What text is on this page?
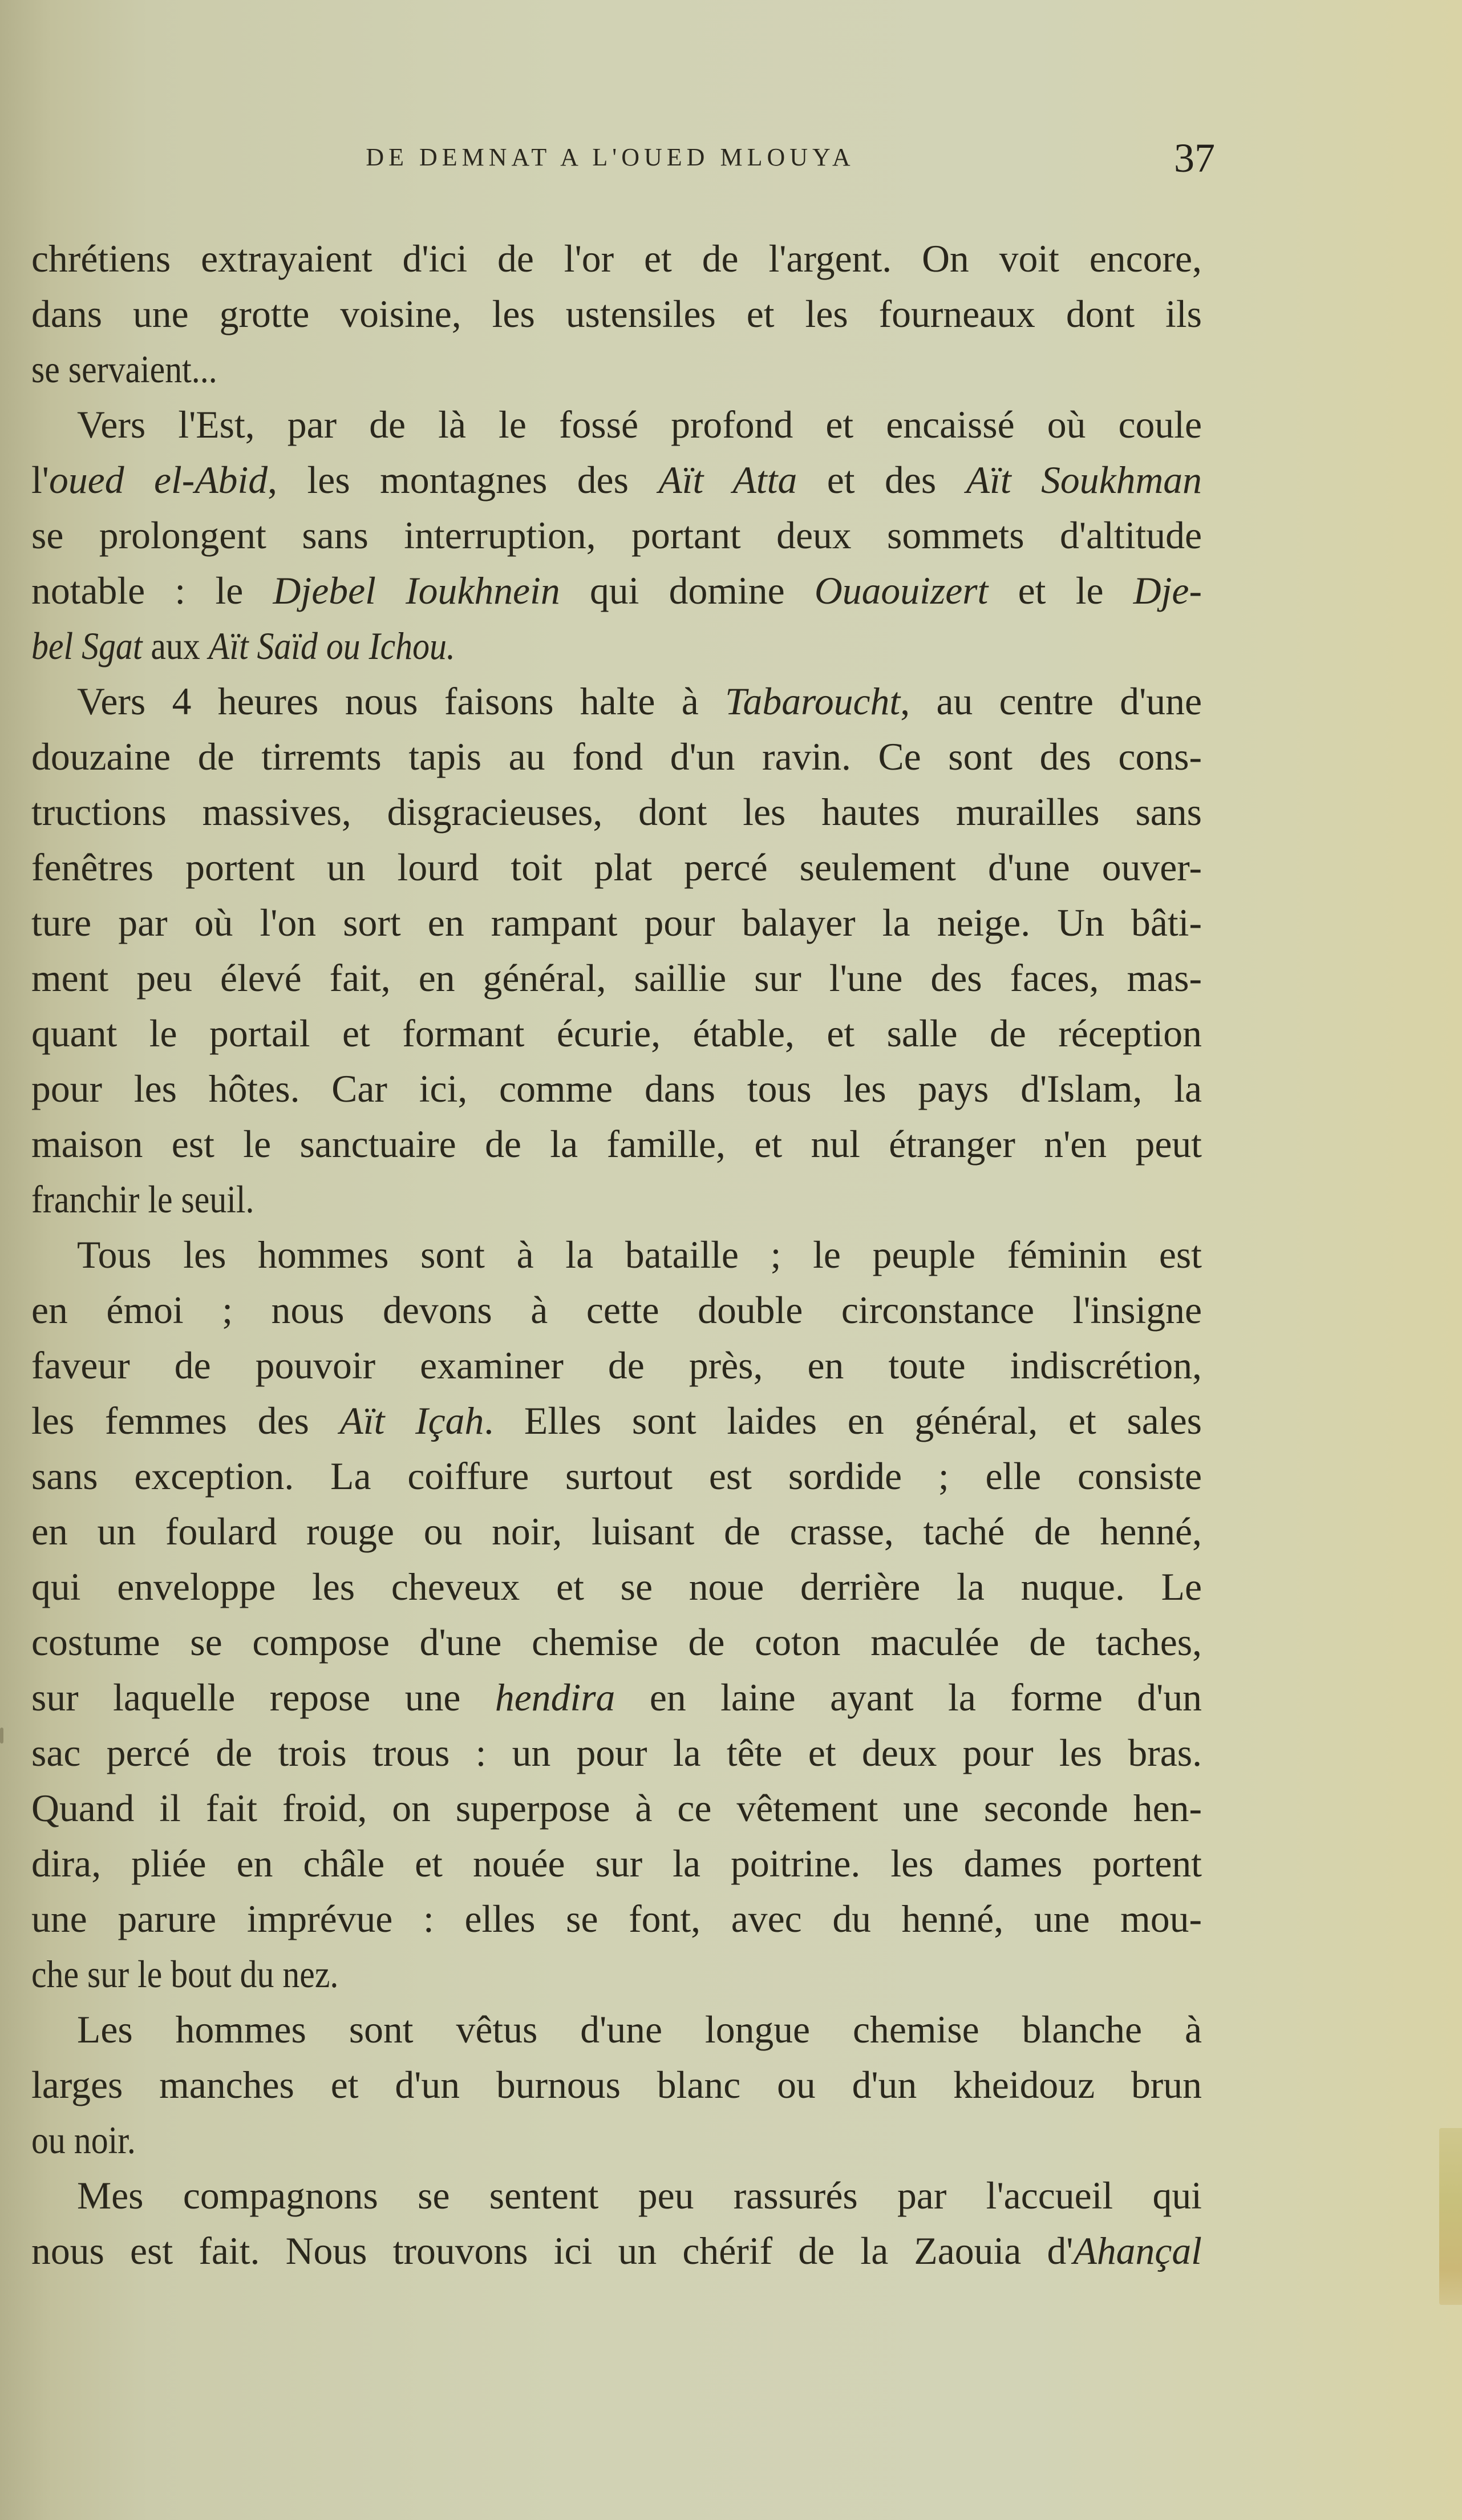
DE DEMNAT A L'OUED MLOUYA	37
chrétiens extrayaient d'ici de l'or et de l'argent. On voit encore,
dans une grotte voisine, les ustensiles et les fourneaux dont ils
se servaient...
Vers l'Est, par de là le fossé profond et encaissé où coule
l'oued el-Abid, les montagnes des Aït Atta et des Aït Soukhman
se prolongent sans interruption, portant deux sommets d'altitude
notable : le Djebel Ioukhnein qui domine Ouaouizert et le Dje-
bel Sgat aux Aït Saïd ou Ichou.
Vers 4 heures nous faisons halte à Tabaroucht, au centre d'une
douzaine de tirremts tapis au fond d'un ravin. Ce sont des cons-
tructions massives, disgracieuses, dont les hautes murailles sans
fenêtres portent un lourd toit plat percé seulement d'une ouver-
ture par où l'on sort en rampant pour balayer la neige. Un bâti-
ment peu élevé fait, en général, saillie sur l'une des faces, mas-
quant le portail et formant écurie, étable, et salle de réception
pour les hôtes. Car ici, comme dans tous les pays d'Islam, la
maison est le sanctuaire de la famille, et nul étranger n'en peut
franchir le seuil.
Tous les hommes sont à la bataille ; le peuple féminin est
en émoi ; nous devons à cette double circonstance l'insigne
faveur de pouvoir examiner de près, en toute indiscrétion,
les femmes des Aït Içah. Elles sont laides en général, et sales
sans exception. La coiffure surtout est sordide ; elle consiste
en un foulard rouge ou noir, luisant de crasse, taché de henné,
qui enveloppe les cheveux et se noue derrière la nuque. Le
costume se compose d'une chemise de coton maculée de taches,
sur laquelle repose une hendira en laine ayant la forme d'un
sac percé de trois trous : un pour la tête et deux pour les bras.
Quand il fait froid, on superpose à ce vêtement une seconde hen-
dira, pliée en châle et nouée sur la poitrine. les dames portent
une parure imprévue : elles se font, avec du henné, une mou-
che sur le bout du nez.
Les hommes sont vêtus d'une longue chemise blanche à
larges manches et d'un burnous blanc ou d'un kheidouz brun
ou noir.
Mes compagnons se sentent peu rassurés par l'accueil qui
nous est fait. Nous trouvons ici un chérif de la Zaouia d'Ahançal
